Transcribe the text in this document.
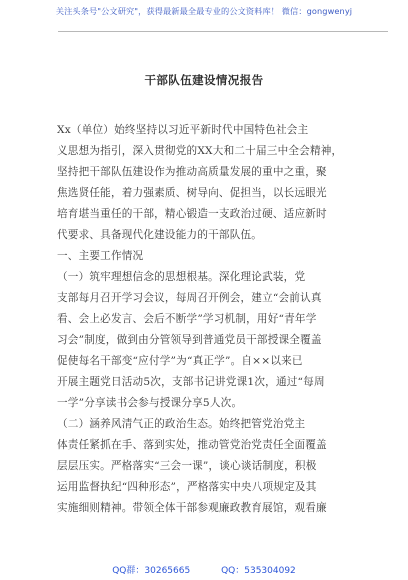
关注头条号"公文研究"，获得最新最全最专业的公文资料库！ 微信：gongwenyj
干部队伍建设情况报告
Xx（单位）始终坚持以习近平新时代中国特色社会主
义思想为指引，深入贯彻党的XX大和二十届三中全会精神，
坚持把干部队伍建设作为推动高质量发展的重中之重，聚
焦选贤任能，着力强素质、树导向、促担当，以长远眼光
培育堪当重任的干部，精心锻造一支政治过硬、适应新时
代要求、具备现代化建设能力的干部队伍。
一、主要工作情况
（一）筑牢理想信念的思想根基。深化理论武装，党
支部每月召开学习会议，每周召开例会，建立“会前认真
看、会上必发言、会后不断学”学习机制，用好“青年学
习会”制度，做到由分管领导到普通党员干部授课全覆盖
促使每名干部变“应付学”为“真正学”。自××以来已
开展主题党日活动5次，支部书记讲党课1次，通过“每周
一学”分享读书会参与授课分享5人次。
（二）涵养风清气正的政治生态。始终把管党治党主
体责任紧抓在手、落到实处，推动管党治党责任全面覆盖
层层压实。严格落实“三会一课”，谈心谈话制度，积极
运用监督执纪“四种形态”，严格落实中央八项规定及其
实施细则精神。带领全体干部参观廉政教育展馆，观看廉
QQ群：30265665	QQ：535304092
